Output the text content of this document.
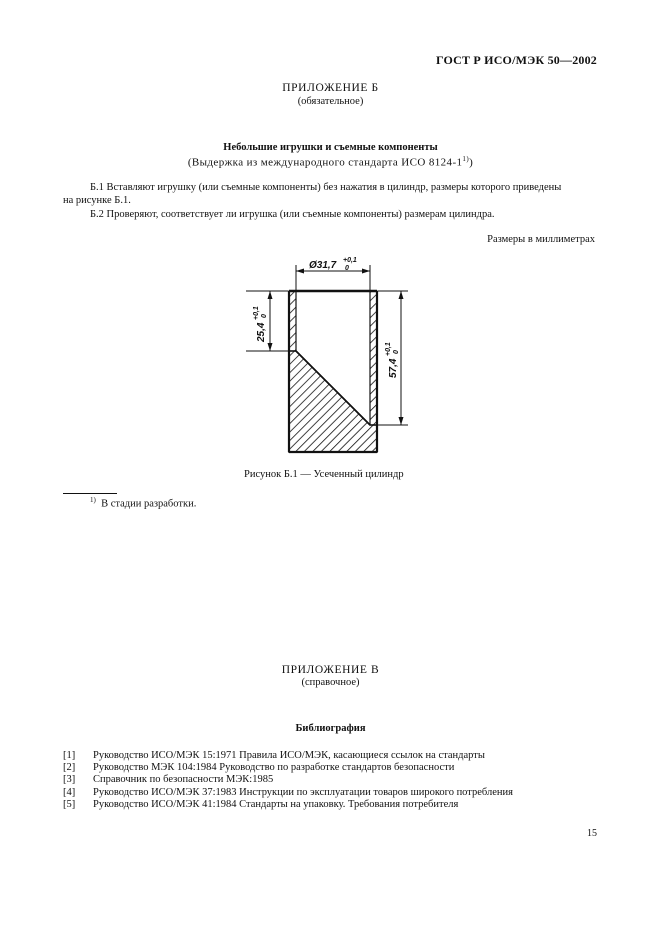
ГОСТ Р ИСО/МЭК 50—2002
ПРИЛОЖЕНИЕ Б
(обязательное)
Небольшие игрушки и съемные компоненты
(Выдержка из международного стандарта ИСО 8124-1$^{1)}$)
Б.1 Вставляют игрушку (или съемные компоненты) без нажатия в цилиндр, размеры которого приведены
на рисунке Б.1.
Б.2 Проверяют, соответствует ли игрушка (или съемные компоненты) размерам цилиндра.
Размеры в миллиметрах
Ø31,7 +0,1
0
25,4
+0,1 0
57,4
+0,1 0
Рисунок Б.1 — Усеченный цилиндр
$^{1)}$ В стадии разработки.
ПРИЛОЖЕНИЕ В
(справочное)
Библиография
[1]	Руководство ИСО/МЭК 15:1971 Правила ИСО/МЭК, касающиеся ссылок на стандарты
[2]	Руководство МЭК 104:1984 Руководство по разработке стандартов безопасности
[3]	Справочник по безопасности МЭК:1985
[4]	Руководство ИСО/МЭК 37:1983 Инструкции по эксплуатации товаров широкого потребления
[5]	Руководство ИСО/МЭК 41:1984 Стандарты на упаковку. Требования потребителя
15
